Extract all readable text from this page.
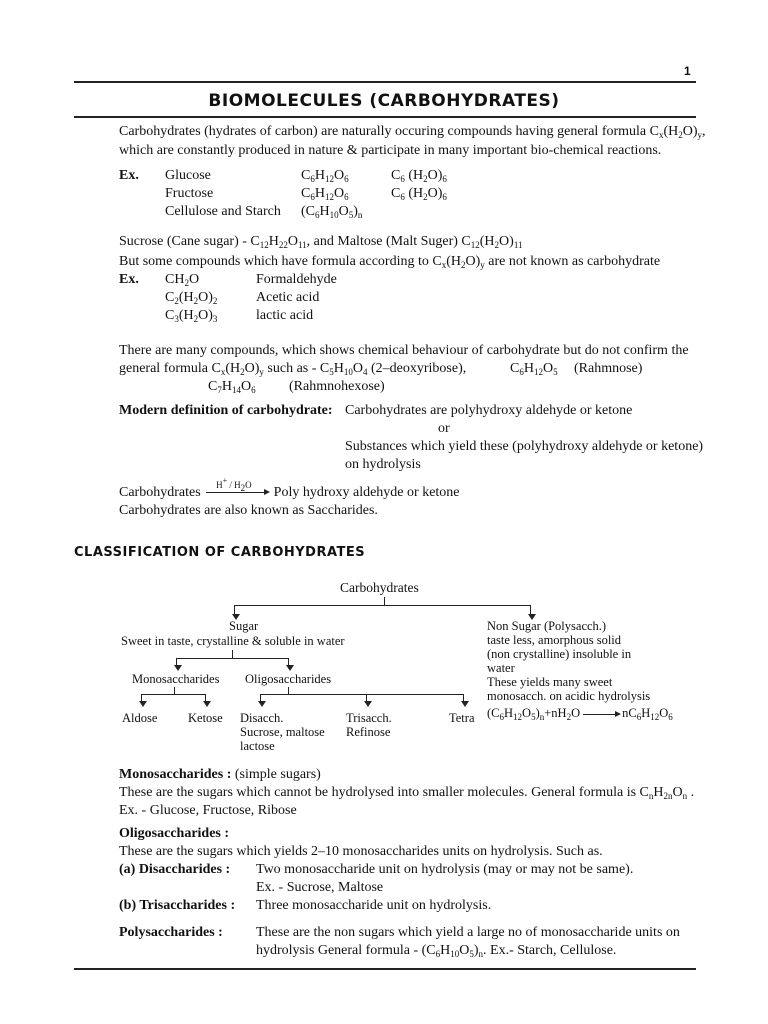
1
BIOMOLECULES (CARBOHYDRATES)
Carbohydrates (hydrates of carbon) are naturally occuring compounds having general formula $C_x(H_2O)_y$,
which are constantly produced in nature & participate in many important bio-chemical reactions.
Ex. Glucose	$C_6H_{12}O_6$	$C_6$ $(H_2O)_6$
Fructose	$C_6H_{12}O_6$	$C_6$ $(H_2O)_6$
Cellulose and Starch $(C_6H_{10}O_5)_n$
Sucrose (Cane sugar) - $C_{12}H_{22}O_{11}$, and Maltose (Malt Suger) $C_{12}(H_2O)_{11}$
But some compounds which have formula according to $C_x(H_2O)_y$ are not known as carbohydrate
Ex. $CH_2O$	Formaldehyde
$C_2(H_2O)_2$	Acetic acid
$C_3(H_2O)_3$	lactic acid
There are many compounds, which shows chemical behaviour of carbohydrate but do not confirm the
general formula $C_x(H_2O)_y$ such as - $C_5H_{10}O_4$ (2–deoxyribose),	$C_6H_{12}O_5$ (Rahmnose)
$C_7H_{14}O_6$ (Rahmnohexose)
Modern definition of carbohydrate: Carbohydrates are polyhydroxy aldehyde or ketone
or
Substances which yield these (polyhydroxy aldehyde or ketone)
on hydrolysis
Carbohydrates $H^+ / H_2O$ Poly hydroxy aldehyde or ketone
Carbohydrates are also known as Saccharides.
CLASSIFICATION OF CARBOHYDRATES
Carbohydrates
Sugar
Sweet in taste, crystalline & soluble in water
Non Sugar (Polysacch.)
taste less, amorphous solid
(non crystalline) insoluble in
water
These yields many sweet
monosacch. on acidic hydrolysis
$(C_6H_{12}O_5)_n+nH_2O$	$nC_6H_{12}O_6$
Monosaccharides Oligosaccharides
Aldose Ketose Disacch.
Sucrose, maltose
lactose
Trisacch.
Refinose
Tetra
Monosaccharides : (simple sugars)
These are the sugars which cannot be hydrolysed into smaller molecules. General formula is $C_nH_{2n}O_n$ .
Ex. - Glucose, Fructose, Ribose
Oligosaccharides :
These are the sugars which yields 2–10 monosaccharides units on hydrolysis. Such as.
(a) Disaccharides : Two monosaccharide unit on hydrolysis (may or may not be same).
Ex. - Sucrose, Maltose
(b) Trisaccharides : Three monosaccharide unit on hydrolysis.
Polysaccharides : These are the non sugars which yield a large no of monosaccharide units on
hydrolysis General formula - $(C_6H_{10}O_5)_n$. Ex.- Starch, Cellulose.
